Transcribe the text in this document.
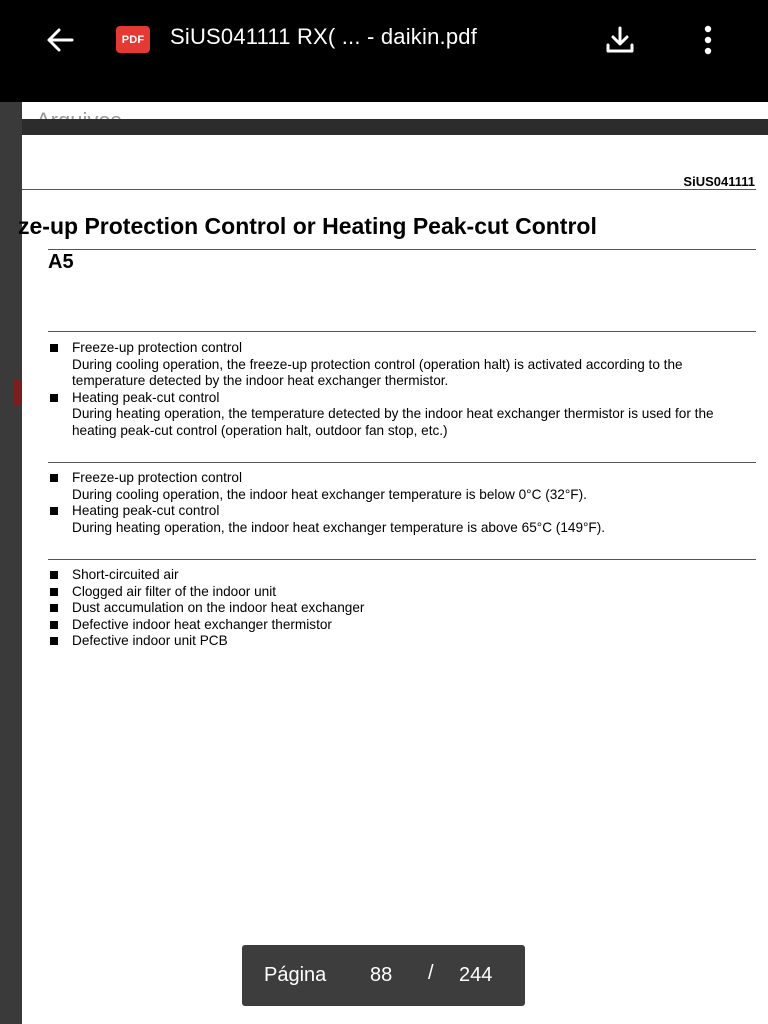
PDF SiUS041111 RX( ... - daikin.pdf
SiUS041111
ze-up Protection Control or Heating Peak-cut Control
A5
Freeze-up protection control
During cooling operation, the freeze-up protection control (operation halt) is activated according to the temperature detected by the indoor heat exchanger thermistor.
Heating peak-cut control
During heating operation, the temperature detected by the indoor heat exchanger thermistor is used for the heating peak-cut control (operation halt, outdoor fan stop, etc.)
Freeze-up protection control
During cooling operation, the indoor heat exchanger temperature is below 0°C (32°F).
Heating peak-cut control
During heating operation, the indoor heat exchanger temperature is above 65°C (149°F).
Short-circuited air
Clogged air filter of the indoor unit
Dust accumulation on the indoor heat exchanger
Defective indoor heat exchanger thermistor
Defective indoor unit PCB
Página 88 / 244
